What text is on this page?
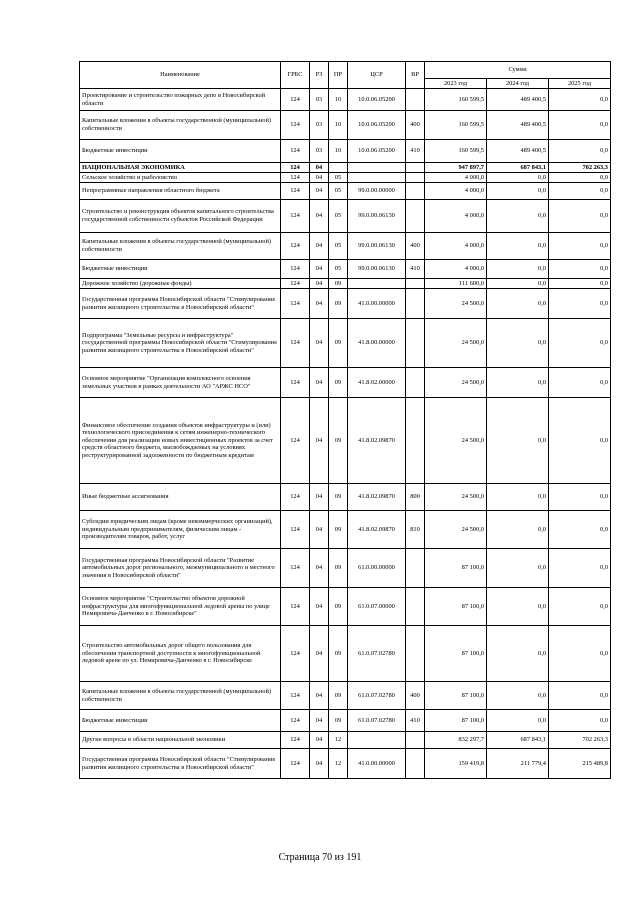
Наименование	ГРБС	РЗ	ПР	ЦСР	ВР	Сумма		
						2023 год	2024 год	2025 год
Проектирование и строительство пожарных депо в Новосибирской области	124	03	10	10.0.06.05200		160 599,5	489 400,5	0,0
Капитальные вложения в объекты государственной (муниципальной) собственности	124	03	10	10.0.06.05200	400	160 599,5	489 400,5	0,0
Бюджетные инвестиции	124	03	10	10.0.06.05200	410	160 599,5	489 400,5	0,0
НАЦИОНАЛЬНАЯ ЭКОНОМИКА	124	04				947 897,7	687 843,1	702 263,3
Сельское хозяйство и рыболовство	124	04	05			4 000,0	0,0	0,0
Непрограммные направления областного бюджета	124	04	05	99.0.00.00000		4 000,0	0,0	0,0
Строительство и реконструкция объектов капитального строительства государственной собственности субъектов Российской Федерации	124	04	05	99.0.00.06130		4 000,0	0,0	0,0
Капитальные вложения в объекты государственной (муниципальной) собственности	124	04	05	99.0.00.06130	400	4 000,0	0,0	0,0
Бюджетные инвестиции	124	04	05	99.0.00.06130	410	4 000,0	0,0	0,0
Дорожное хозяйство (дорожные фонды)	124	04	09			111 600,0	0,0	0,0
Государственная программа Новосибирской области "Стимулирование развития жилищного строительства в Новосибирской области"	124	04	09	41.0.00.00000		24 500,0	0,0	0,0
Подпрограмма "Земельные ресурсы и инфраструктура" государственной программы Новосибирской области "Стимулирование развития жилищного строительства в Новосибирской области"	124	04	09	41.8.00.00000		24 500,0	0,0	0,0
Основное мероприятие "Организация комплексного освоения земельных участков в рамках деятельности АО "АРЖС НСО"	124	04	09	41.8.02.00000		24 500,0	0,0	0,0
Финансовое обеспечение создания объектов инфраструктуры и (или) технологического присоединения к сетям инженерно-технического обеспечения для реализации новых инвестиционных проектов за счет средств областного бюджета, высвобождаемых на условиях реструктурированной задолженности по бюджетным кредитам	124	04	09	41.8.02.09870		24 500,0	0,0	0,0
Иные бюджетные ассигнования	124	04	09	41.8.02.09870	800	24 500,0	0,0	0,0
Субсидии юридическим лицам (кроме некоммерческих организаций), индивидуальным предпринимателям, физическим лицам - производителям товаров, работ, услуг	124	04	09	41.8.02.09870	810	24 500,0	0,0	0,0
Государственная программа Новосибирской области "Развитие автомобильных дорог регионального, межмуниципального и местного значения в Новосибирской области"	124	04	09	61.0.00.00000		87 100,0	0,0	0,0
Основное мероприятие "Строительство объектов дорожной инфраструктуры для многофункциональной ледовой арены по улице Немировича-Данченко в г. Новосибирске"	124	04	09	61.0.07.00000		87 100,0	0,0	0,0
Строительство автомобильных дорог общего пользования для обеспечения транспортной доступности к многофункциональной ледовой арене по ул. Немировича-Данченко в г. Новосибирске	124	04	09	61.0.07.02780		87 100,0	0,0	0,0
Капитальные вложения в объекты государственной (муниципальной) собственности	124	04	09	61.0.07.02780	400	87 100,0	0,0	0,0
Бюджетные инвестиции	124	04	09	61.0.07.02780	410	87 100,0	0,0	0,0
Другие вопросы в области национальной экономики	124	04	12			832 297,7	687 843,1	702 263,3
Государственная программа Новосибирской области "Стимулирование развития жилищного строительства в Новосибирской области"	124	04	12	41.0.00.00000		159 419,8	211 779,4	215 489,8
Страница 70 из 191
